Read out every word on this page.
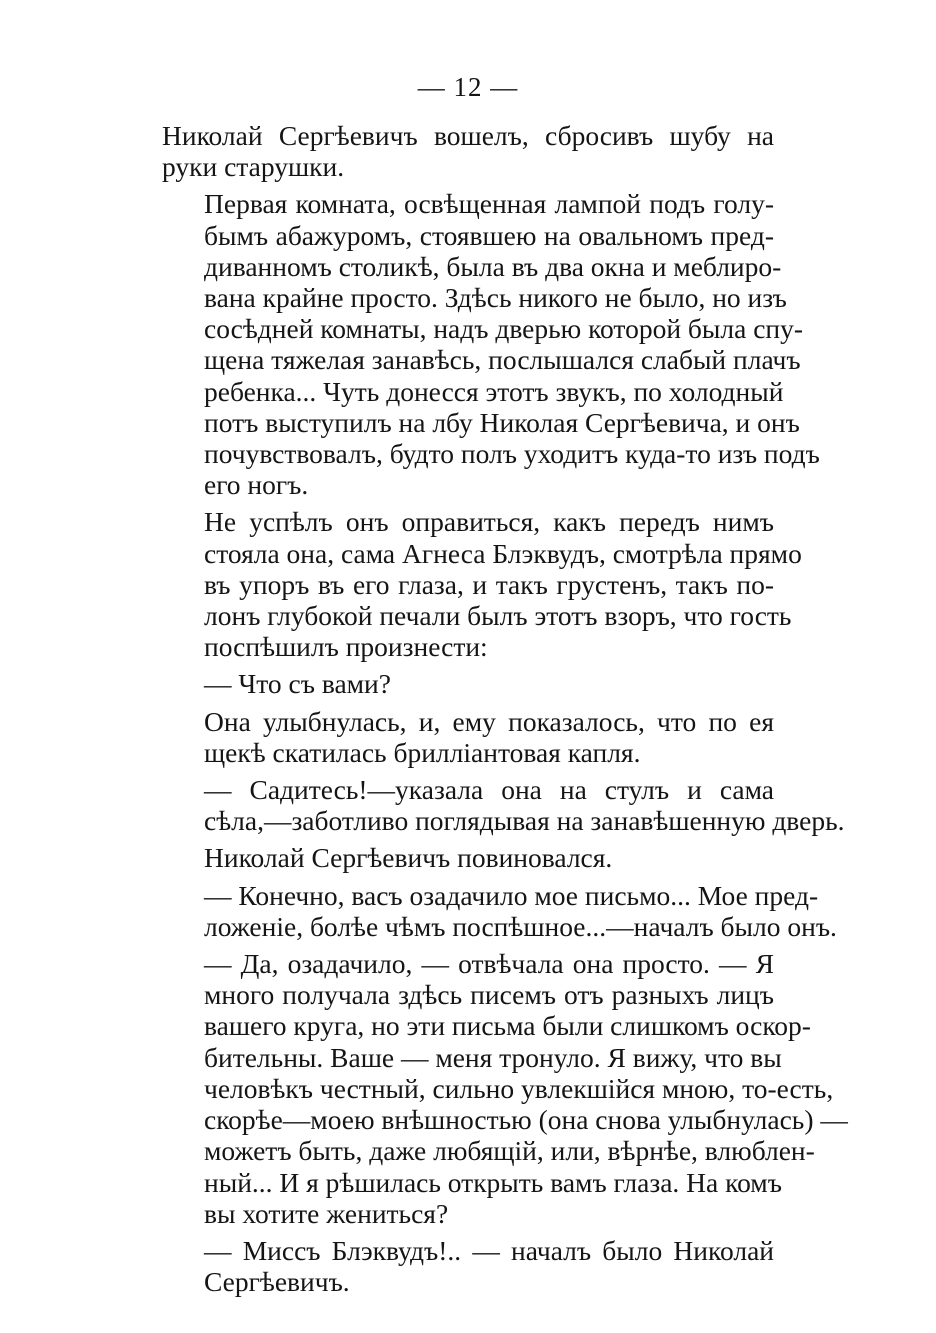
— 12 —

Николай Сергѣевичъ вошелъ, сбросивъ шубу на
руки старушки.

Первая комната, освѣщенная лампой подъ голу-
бымъ абажуромъ, стоявшею на овальномъ пред-
диванномъ столикѣ, была въ два окна и меблиро-
вана крайне просто. Здѣсь никого не было, но изъ
сосѣдней комнаты, надъ дверью которой была спу-
щена тяжелая занавѣсь, послышался слабый плачъ
ребенка... Чуть донесся этотъ звукъ, по холодный
потъ выступилъ на лбу Николая Сергѣевича, и онъ
почувствовалъ, будто полъ уходитъ куда-то изъ подъ
его ногъ.

Не успѣлъ онъ оправиться, какъ передъ нимъ
стояла она, сама Агнеса Блэквудъ, смотрѣла прямо
въ упоръ въ его глаза, и такъ грустенъ, такъ по-
лонъ глубокой печали былъ этотъ взоръ, что гость
поспѣшилъ произнести:

— Что съ вами?

Она улыбнулась, и, ему показалось, что по ея
щекѣ скатилась брилліантовая капля.

— Садитесь!—указала она на стулъ и сама
сѣла,—заботливо поглядывая на занавѣшенную дверь.

Николай Сергѣевичъ повиновался.

— Конечно, васъ озадачило мое письмо... Мое пред-
ложеніе, болѣе чѣмъ поспѣшное...—началъ было онъ.

— Да, озадачило, — отвѣчала она просто. — Я
много получала здѣсь писемъ отъ разныхъ лицъ
вашего круга, но эти письма были слишкомъ оскор-
бительны. Ваше — меня тронуло. Я вижу, что вы
человѣкъ честный, сильно увлекшійся мною, то-есть,
скорѣе—моею внѣшностью (она снова улыбнулась) —
можетъ быть, даже любящій, или, вѣрнѣе, влюблен-
ный... И я рѣшилась открыть вамъ глаза. На комъ
вы хотите жениться?

— Миссъ Блэквудъ!.. — началъ было Николай
Сергѣевичъ.
